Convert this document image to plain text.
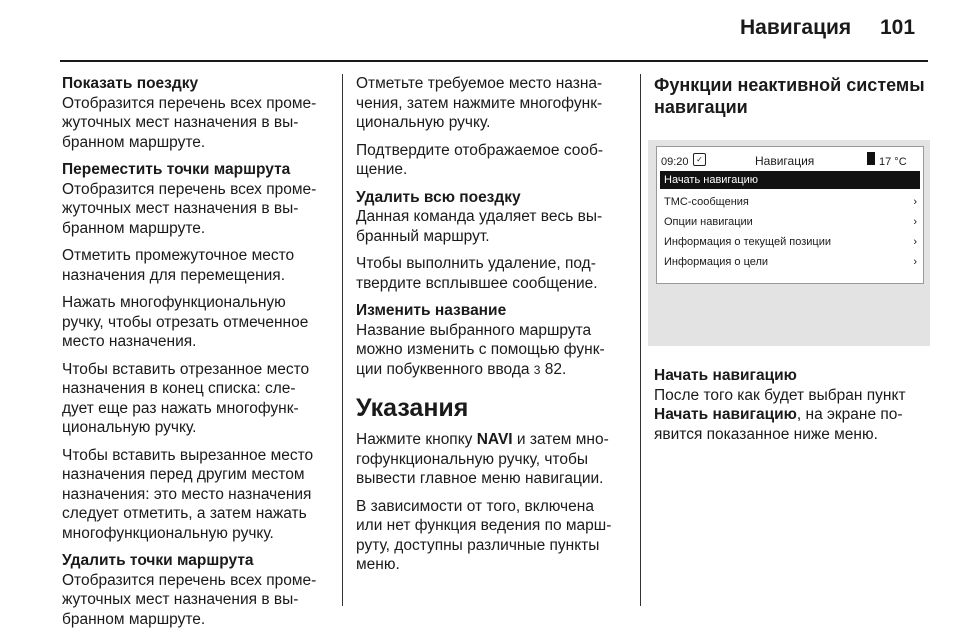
Навигация 101

Показать поездку
Отобразится перечень всех проме-
жуточных мест назначения в вы-
бранном маршруте.

Переместить точки маршрута
Отобразится перечень всех проме-
жуточных мест назначения в вы-
бранном маршруте.

Отметить промежуточное место
назначения для перемещения.

Нажать многофункциональную
ручку, чтобы отрезать отмеченное
место назначения.

Чтобы вставить отрезанное место
назначения в конец списка: сле-
дует еще раз нажать многофунк-
циональную ручку.

Чтобы вставить вырезанное место
назначения перед другим местом
назначения: это место назначения
следует отметить, а затем нажать
многофункциональную ручку.

Удалить точки маршрута
Отобразится перечень всех проме-
жуточных мест назначения в вы-
бранном маршруте.

Отметьте требуемое место назна-
чения, затем нажмите многофунк-
циональную ручку.

Подтвердите отображаемое сооб-
щение.

Удалить всю поездку
Данная команда удаляет весь вы-
бранный маршрут.

Чтобы выполнить удаление, под-
твердите всплывшее сообщение.

Изменить название
Название выбранного маршрута
можно изменить с помощью функ-
ции побуквенного ввода 3 82.

Указания

Нажмите кнопку NAVI и затем мно-
гофункциональную ручку, чтобы
вывести главное меню навигации.

В зависимости от того, включена
или нет функция ведения по марш-
руту, доступны различные пункты
меню.

Функции неактивной системы
навигации
09:20 ✓	Навигация	17 °C
Начать навигацию
ТМС-сообщения	›
Опции навигации	›
Информация о текущей позиции	›
Информация о цели	›

Начать навигацию
После того как будет выбран пункт
Начать навигацию, на экране по-
явится показанное ниже меню.
